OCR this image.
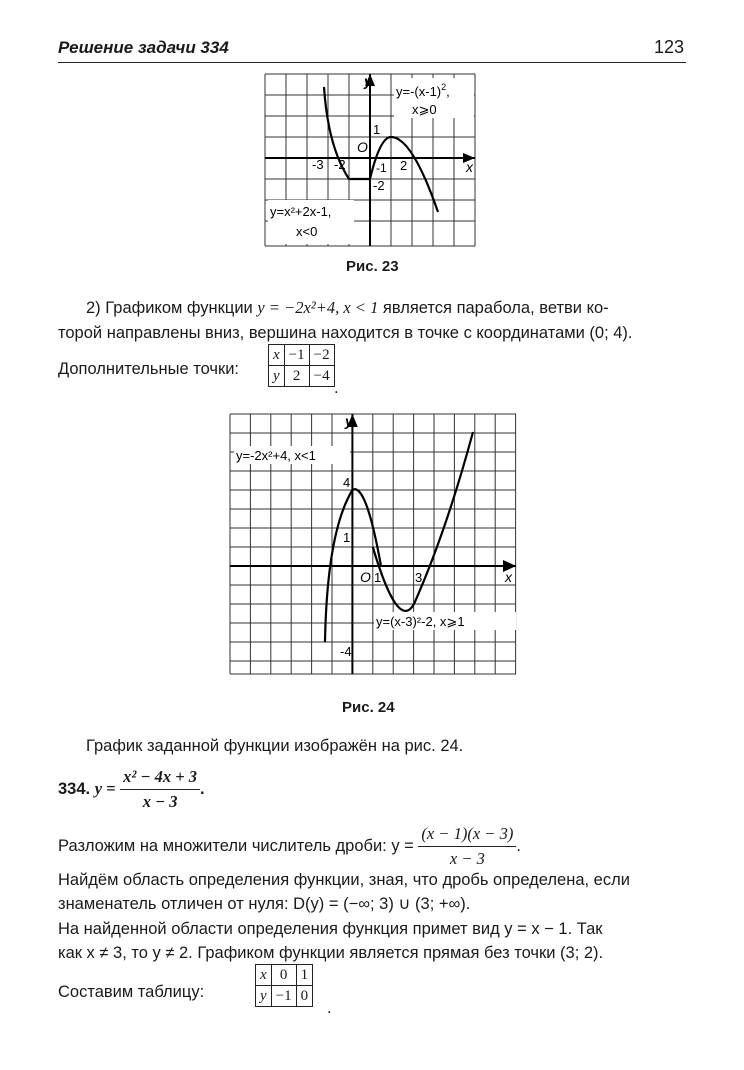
Решение задачи 334	123
y
x
O
-3 -2
1
-1 2
-2
$y=-(x-1)^2$,
x⩾0
y=x²+2x-1,
x<0
Рис. 23
2) Графиком функции y = −2x²+4, x < 1 является парабола, ветви ко-
торой направлены вниз, вершина находится в точке с координатами (0; 4).
Дополнительные точки:
x	−1	−2
y	2	−4
.
y
x
O
4
1
1	3
-4
y=-2x²+4, x<1
y=(x-3)²-2, x⩾1
Рис. 24
График заданной функции изображён на рис. 24.
334. $y = \frac{\text{x² − 4x + 3}}{x - 3}$ .
Разложим на множители числитель дроби: $y = \frac{(x - 1)(x - 3)}{x - 3}$ .
Найдём область определения функции, зная, что дробь определена, если
знаменатель отличен от нуля: D(y) = (−∞; 3) ∪ (3; +∞).
На найденной области определения функция примет вид y = x − 1. Так
как x ≠ 3, то y ≠ 2. Графиком функции является прямая без точки (3; 2).
Составим таблицу:
x	0	1
y	−1	0
.
